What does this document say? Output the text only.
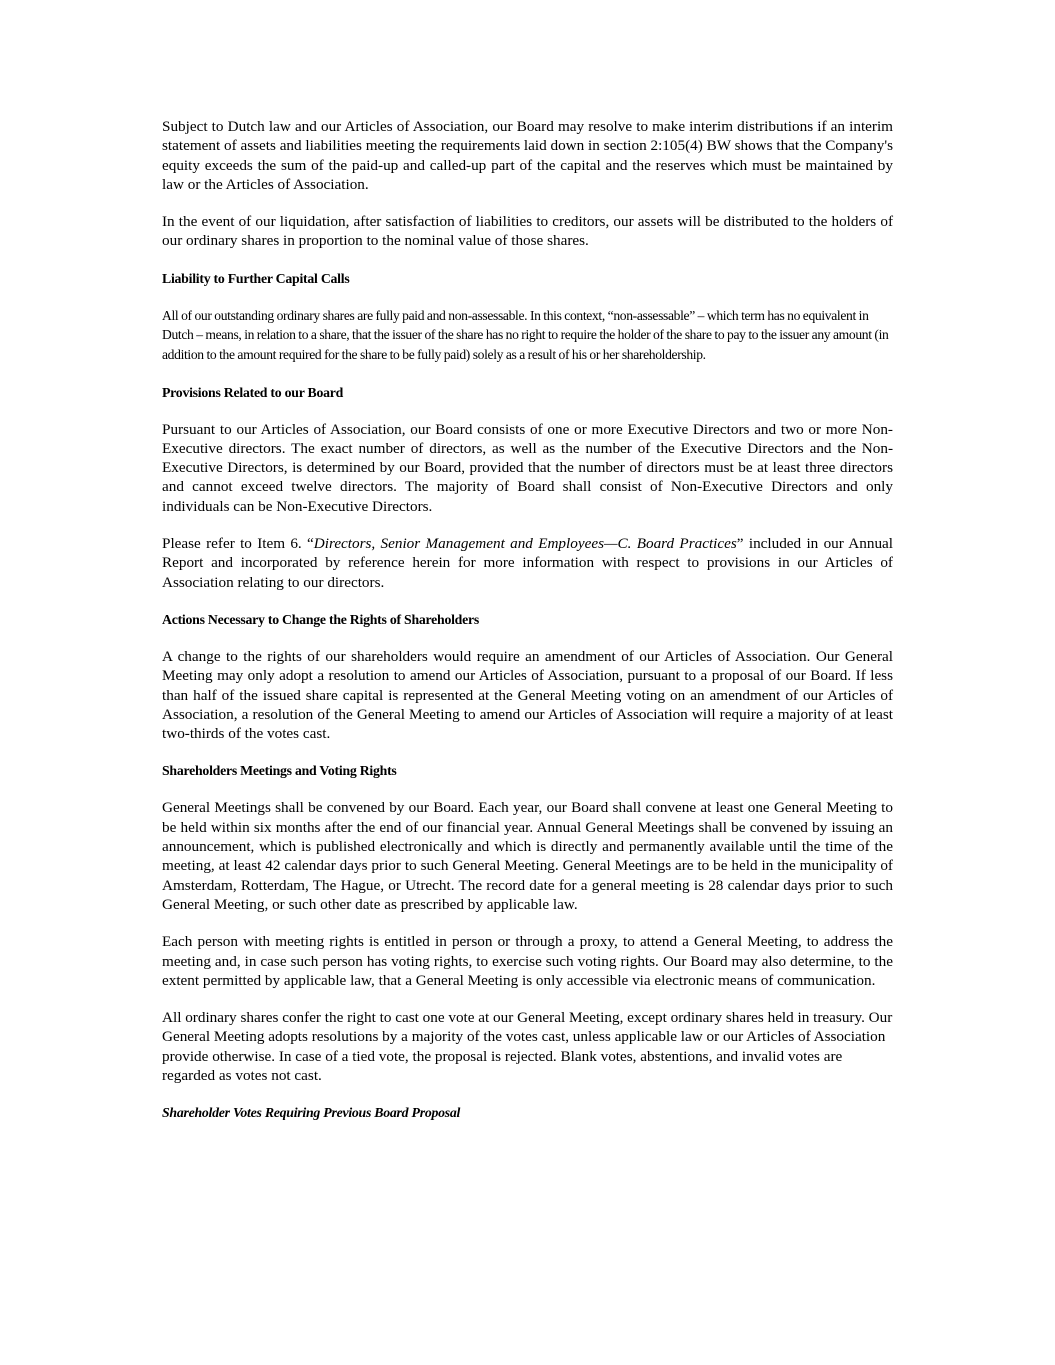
Subject to Dutch law and our Articles of Association, our Board may resolve to make interim distributions if an interim statement of assets and liabilities meeting the requirements laid down in section 2:105(4) BW shows that the Company's equity exceeds the sum of the paid-up and called-up part of the capital and the reserves which must be maintained by law or the Articles of Association.

In the event of our liquidation, after satisfaction of liabilities to creditors, our assets will be distributed to the holders of our ordinary shares in proportion to the nominal value of those shares.

Liability to Further Capital Calls

All of our outstanding ordinary shares are fully paid and non-assessable. In this context, “non-assessable” – which term has no equivalent in Dutch – means, in relation to a share, that the issuer of the share has no right to require the holder of the share to pay to the issuer any amount (in addition to the amount required for the share to be fully paid) solely as a result of his or her shareholdership.

Provisions Related to our Board

Pursuant to our Articles of Association, our Board consists of one or more Executive Directors and two or more Non-Executive directors. The exact number of directors, as well as the number of the Executive Directors and the Non-Executive Directors, is determined by our Board, provided that the number of directors must be at least three directors and cannot exceed twelve directors. The majority of Board shall consist of Non-Executive Directors and only individuals can be Non-Executive Directors.

Please refer to Item 6. “Directors, Senior Management and Employees—C. Board Practices” included in our Annual Report and incorporated by reference herein for more information with respect to provisions in our Articles of Association relating to our directors.

Actions Necessary to Change the Rights of Shareholders

A change to the rights of our shareholders would require an amendment of our Articles of Association. Our General Meeting may only adopt a resolution to amend our Articles of Association, pursuant to a proposal of our Board. If less than half of the issued share capital is represented at the General Meeting voting on an amendment of our Articles of Association, a resolution of the General Meeting to amend our Articles of Association will require a majority of at least two-thirds of the votes cast.

Shareholders Meetings and Voting Rights

General Meetings shall be convened by our Board. Each year, our Board shall convene at least one General Meeting to be held within six months after the end of our financial year. Annual General Meetings shall be convened by issuing an announcement, which is published electronically and which is directly and permanently available until the time of the meeting, at least 42 calendar days prior to such General Meeting. General Meetings are to be held in the municipality of Amsterdam, Rotterdam, The Hague, or Utrecht. The record date for a general meeting is 28 calendar days prior to such General Meeting, or such other date as prescribed by applicable law.

Each person with meeting rights is entitled in person or through a proxy, to attend a General Meeting, to address the meeting and, in case such person has voting rights, to exercise such voting rights. Our Board may also determine, to the extent permitted by applicable law, that a General Meeting is only accessible via electronic means of communication.

All ordinary shares confer the right to cast one vote at our General Meeting, except ordinary shares held in treasury. Our General Meeting adopts resolutions by a majority of the votes cast, unless applicable law or our Articles of Association provide otherwise. In case of a tied vote, the proposal is rejected. Blank votes, abstentions, and invalid votes are regarded as votes not cast.

Shareholder Votes Requiring Previous Board Proposal
